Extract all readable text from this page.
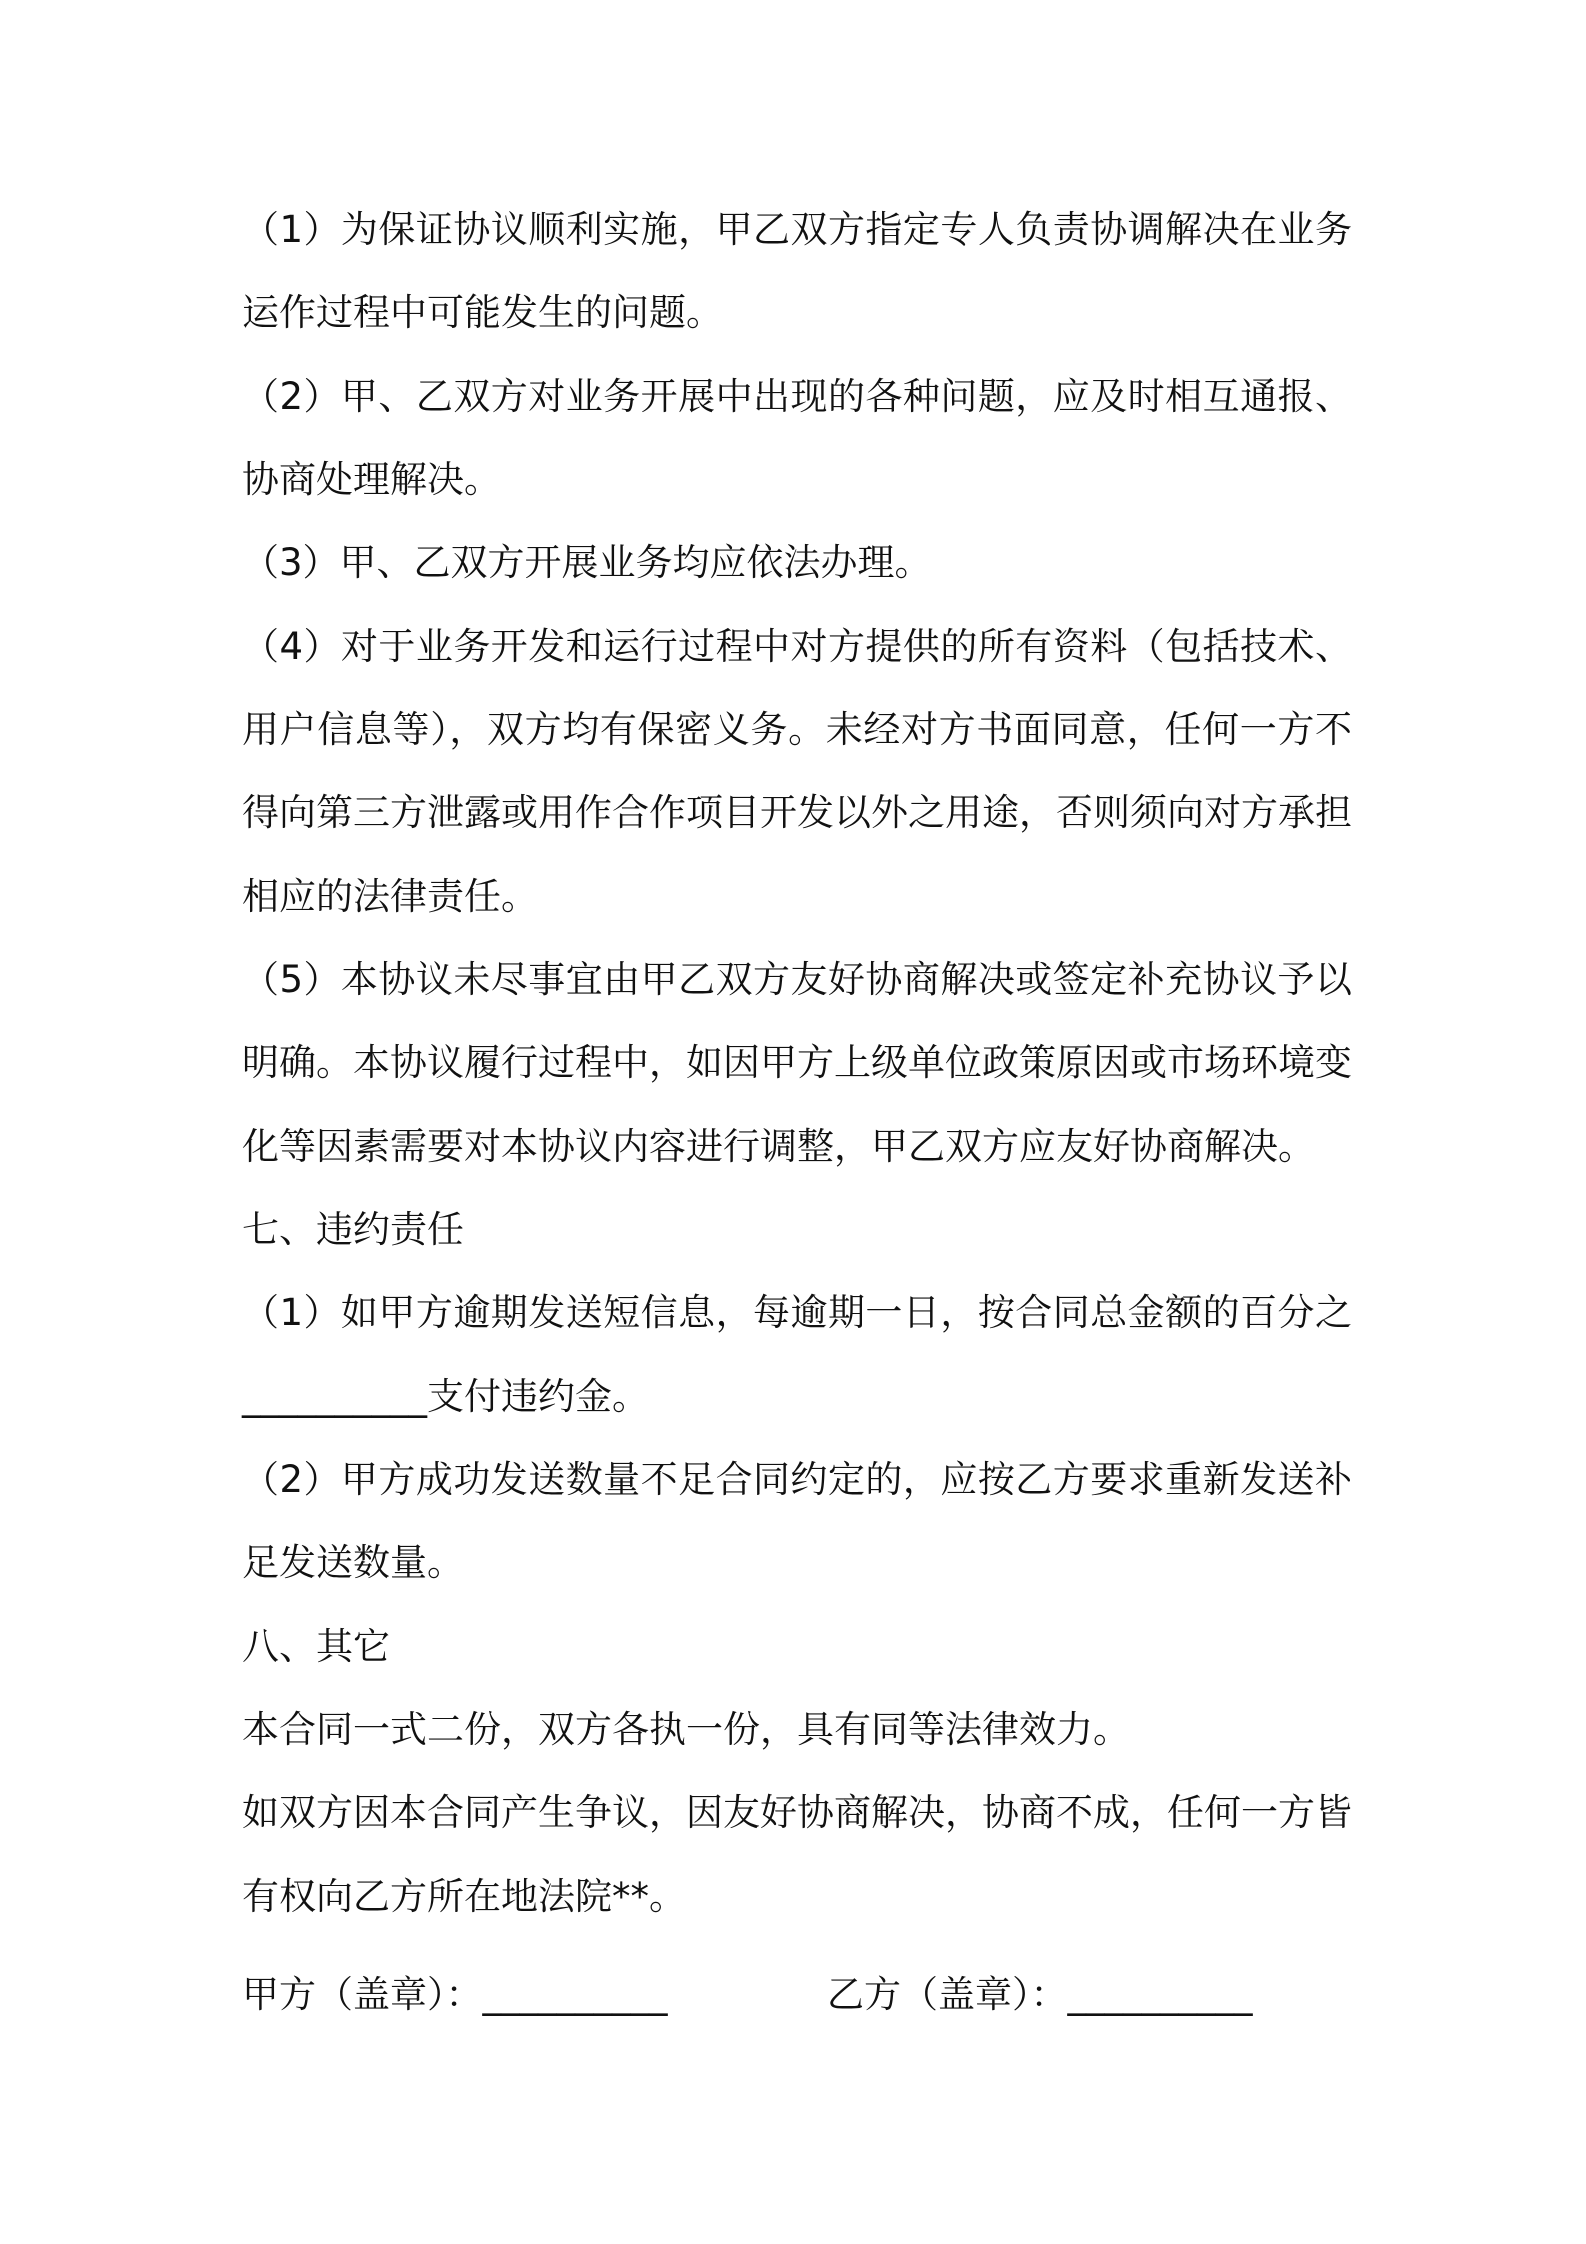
（1）为保证协议顺利实施，甲乙双方指定专人负责协调解决在业务
运作过程中可能发生的问题。
（2）甲、乙双方对业务开展中出现的各种问题，应及时相互通报、
协商处理解决。
（3）甲、乙双方开展业务均应依法办理。
（4）对于业务开发和运行过程中对方提供的所有资料（包括技术、
用户信息等），双方均有保密义务。未经对方书面同意，任何一方不
得向第三方泄露或用作合作项目开发以外之用途，否则须向对方承担
相应的法律责任。
（5）本协议未尽事宜由甲乙双方友好协商解决或签定补充协议予以
明确。本协议履行过程中，如因甲方上级单位政策原因或市场环境变
化等因素需要对本协议内容进行调整，甲乙双方应友好协商解决。
七、违约责任
（1）如甲方逾期发送短信息，每逾期一日，按合同总金额的百分之
__________支付违约金。
（2）甲方成功发送数量不足合同约定的，应按乙方要求重新发送补
足发送数量。
八、其它
本合同一式二份，双方各执一份，具有同等法律效力。
如双方因本合同产生争议，因友好协商解决，协商不成，任何一方皆
有权向乙方所在地法院**。
甲方（盖章）：__________	乙方（盖章）：__________
